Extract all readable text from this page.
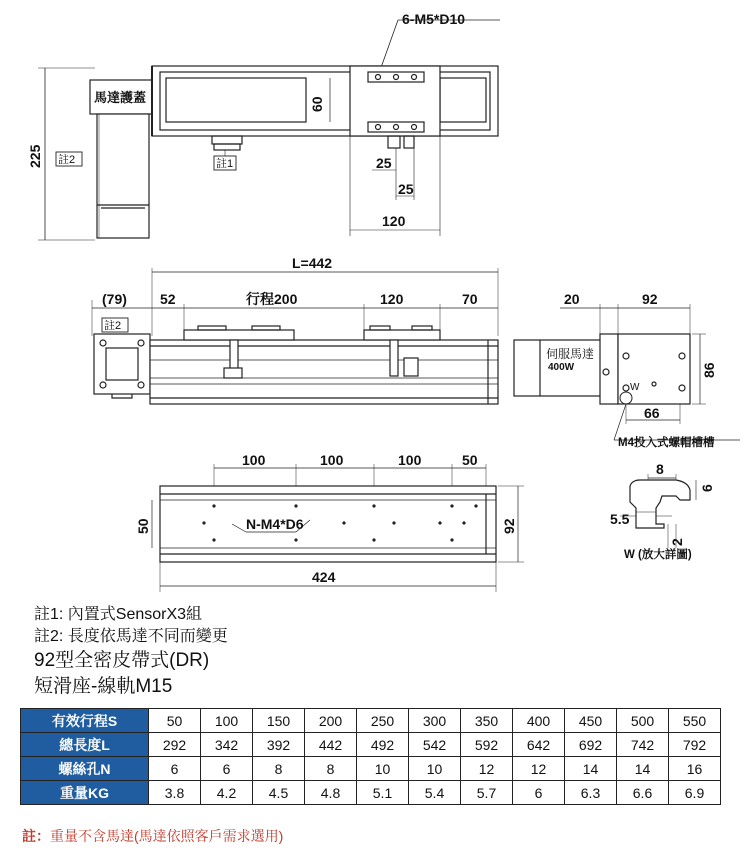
6-M5*D10
225
馬達護蓋
註2
60
註1	25
25
120
L=442
(79) 52	行程200	120	70
註2
20	92
伺服馬達
400W
W
86
66
M4投入式螺帽槽槽
100	100	100	50
50	N-M4*D6	92
424
8
6
5.5
2
W (放大詳圖)
註1: 內置式SensorX3組
註2: 長度依馬達不同而變更
92型全密皮帶式(DR)
短滑座-線軌M15
有效行程S	50	100	150	200	250	300	350	400	450	500	550
總長度L	292	342	392	442	492	542	592	642	692	742	792
螺絲孔N	6	6	8	8	10	10	12	12	14	14	16
重量KG	3.8	4.2	4.5	4.8	5.1	5.4	5.7	6	6.3	6.6	6.9
註：重量不含馬達(馬達依照客戶需求選用)
